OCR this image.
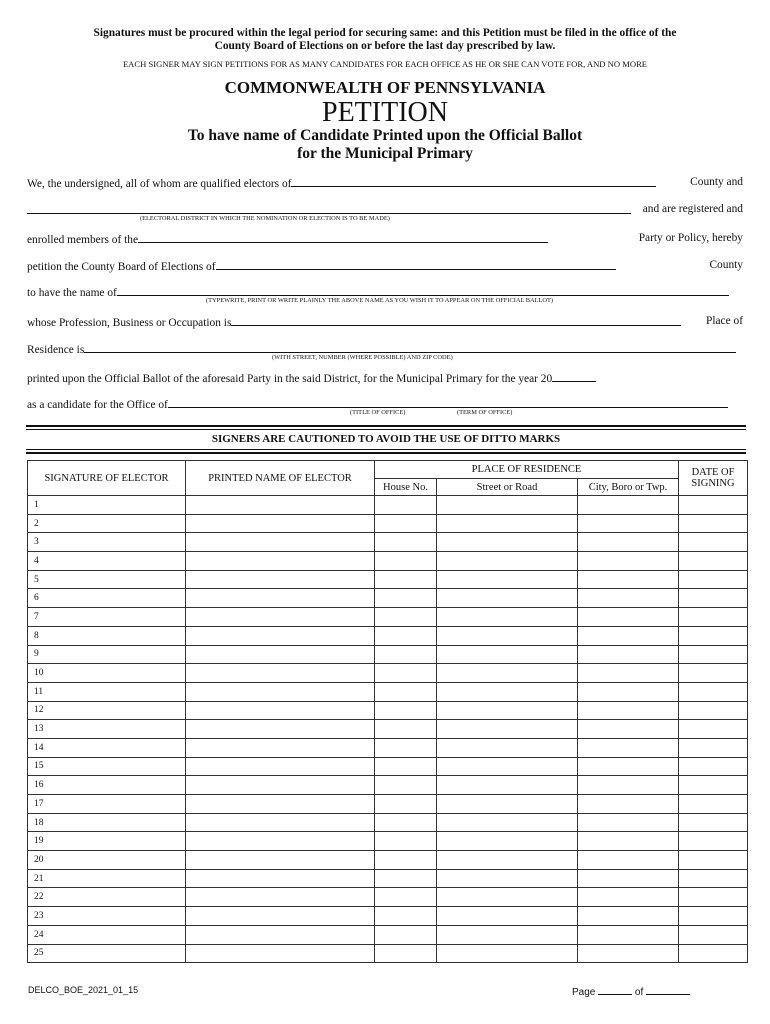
Signatures must be procured within the legal period for securing same: and this Petition must be filed in the office of the
County Board of Elections on or before the last day prescribed by law.
EACH SIGNER MAY SIGN PETITIONS FOR AS MANY CANDIDATES FOR EACH OFFICE AS HE OR SHE CAN VOTE FOR, AND NO MORE
COMMONWEALTH OF PENNSYLVANIA
PETITION
To have name of Candidate Printed upon the Official Ballot
for the Municipal Primary
We, the undersigned, all of whom are qualified electors of	County and
and are registered and
(ELECTORAL DISTRICT IN WHICH THE NOMINATION OR ELECTION IS TO BE MADE)
enrolled members of the	Party or Policy, hereby
petition the County Board of Elections of	County
to have the name of
(TYPEWRITE, PRINT OR WRITE PLAINLY THE ABOVE NAME AS YOU WISH IT TO APPEAR ON THE OFFICIAL BALLOT)
whose Profession, Business or Occupation is	Place of
Residence is
(WITH STREET, NUMBER (WHERE POSSIBLE) AND ZIP CODE)
printed upon the Official Ballot of the aforesaid Party in the said District, for the Municipal Primary for the year 20
as a candidate for the Office of
(TITLE OF OFFICE)	(TERM OF OFFICE)
SIGNERS ARE CAUTIONED TO AVOID THE USE OF DITTO MARKS
SIGNATURE OF ELECTOR	PRINTED NAME OF ELECTOR	PLACE OF RESIDENCE			DATE OF
SIGNING

		House No.	Street or Road	City, Boro or Twp.	
1					
2					
3					
4					
5					
6					
7					
8					
9					
10					
11					
12					
13					
14					
15					
16					
17					
18					
19					
20					
21					
22					
23					
24					
25					
DELCO_BOE_2021_01_15	Page	of
